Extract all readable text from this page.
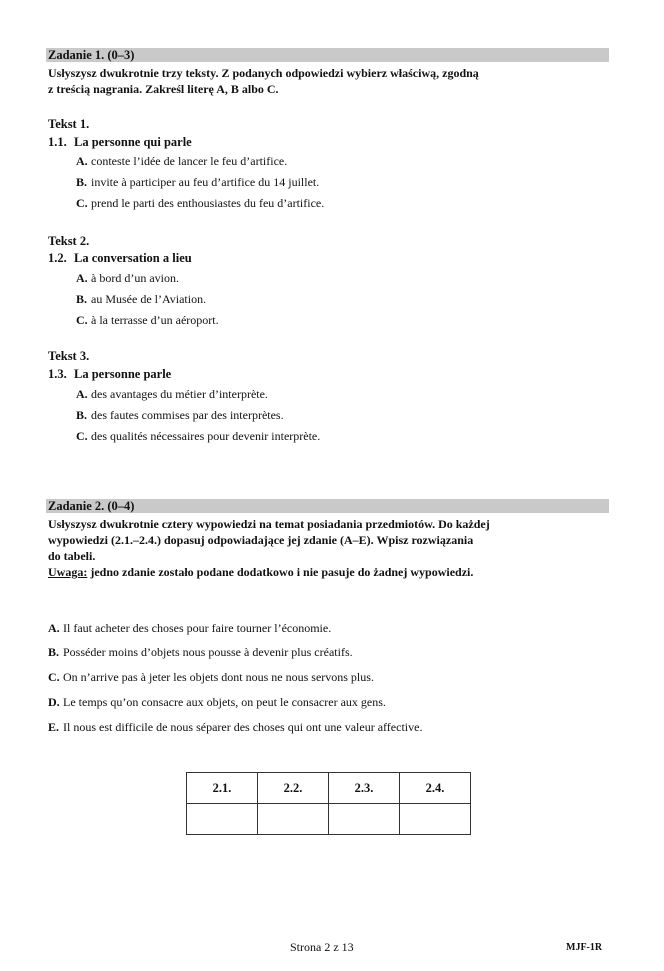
Zadanie 1. (0–3)
Usłyszysz dwukrotnie trzy teksty. Z podanych odpowiedzi wybierz właściwą, zgodną
z treścią nagrania. Zakreśl literę A, B albo C.
Tekst 1.
1.1. La personne qui parle
A. conteste l’idée de lancer le feu d’artifice.
B. invite à participer au feu d’artifice du 14 juillet.
C. prend le parti des enthousiastes du feu d’artifice.
Tekst 2.
1.2. La conversation a lieu
A. à bord d’un avion.
B. au Musée de l’Aviation.
C. à la terrasse d’un aéroport.
Tekst 3.
1.3. La personne parle
A. des avantages du métier d’interprète.
B. des fautes commises par des interprètes.
C. des qualités nécessaires pour devenir interprète.
Zadanie 2. (0–4)
Usłyszysz dwukrotnie cztery wypowiedzi na temat posiadania przedmiotów. Do każdej
wypowiedzi (2.1.–2.4.) dopasuj odpowiadające jej zdanie (A–E). Wpisz rozwiązania
do tabeli.
Uwaga: jedno zdanie zostało podane dodatkowo i nie pasuje do żadnej wypowiedzi.
A. Il faut acheter des choses pour faire tourner l’économie.
B. Posséder moins d’objets nous pousse à devenir plus créatifs.
C. On n’arrive pas à jeter les objets dont nous ne nous servons plus.
D. Le temps qu’on consacre aux objets, on peut le consacrer aux gens.
E. Il nous est difficile de nous séparer des choses qui ont une valeur affective.
2.1.	2.2.	2.3.	2.4.

Strona 2 z 13	MJF-1R
